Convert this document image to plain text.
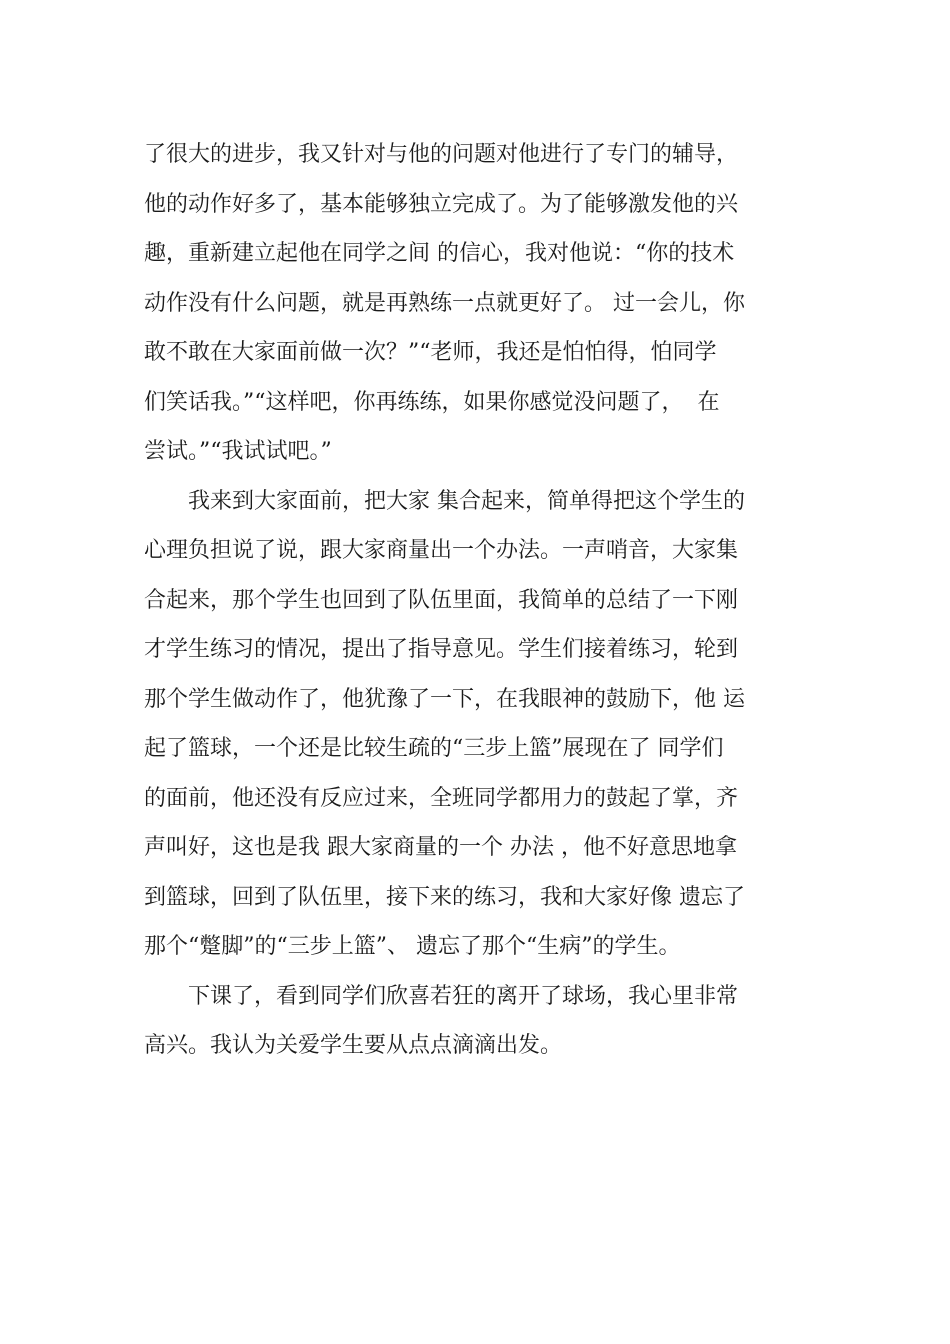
了很大的进步，我又针对与他的问题对他进行了专门的辅导，
他的动作好多了，基本能够独立完成了。为了能够激发他的兴
趣，重新建立起他在同学之间 的信心，我对他说：“你的技术
动作没有什么问题，就是再熟练一点就更好了。 过一会儿，你
敢不敢在大家面前做一次？”“老师，我还是怕怕得，怕同学
们笑话我。”“这样吧，你再练练，如果你感觉没问题了，  在
尝试。”“我试试吧。”
我来到大家面前，把大家 集合起来，简单得把这个学生的
心理负担说了说，跟大家商量出一个办法。一声哨音，大家集
合起来，那个学生也回到了队伍里面，我简单的总结了一下刚
才学生练习的情况，提出了指导意见。学生们接着练习，轮到
那个学生做动作了，他犹豫了一下，在我眼神的鼓励下，他 运
起了篮球，一个还是比较生疏的“三步上篮”展现在了 同学们
的面前，他还没有反应过来，全班同学都用力的鼓起了掌，齐
声叫好，这也是我 跟大家商量的一个 办法 ，他不好意思地拿
到篮球，回到了队伍里，接下来的练习，我和大家好像 遗忘了
那个“蹩脚”的“三步上篮”、 遗忘了那个“生病”的学生。
下课了，看到同学们欣喜若狂的离开了球场，我心里非常
高兴。我认为关爱学生要从点点滴滴出发。
